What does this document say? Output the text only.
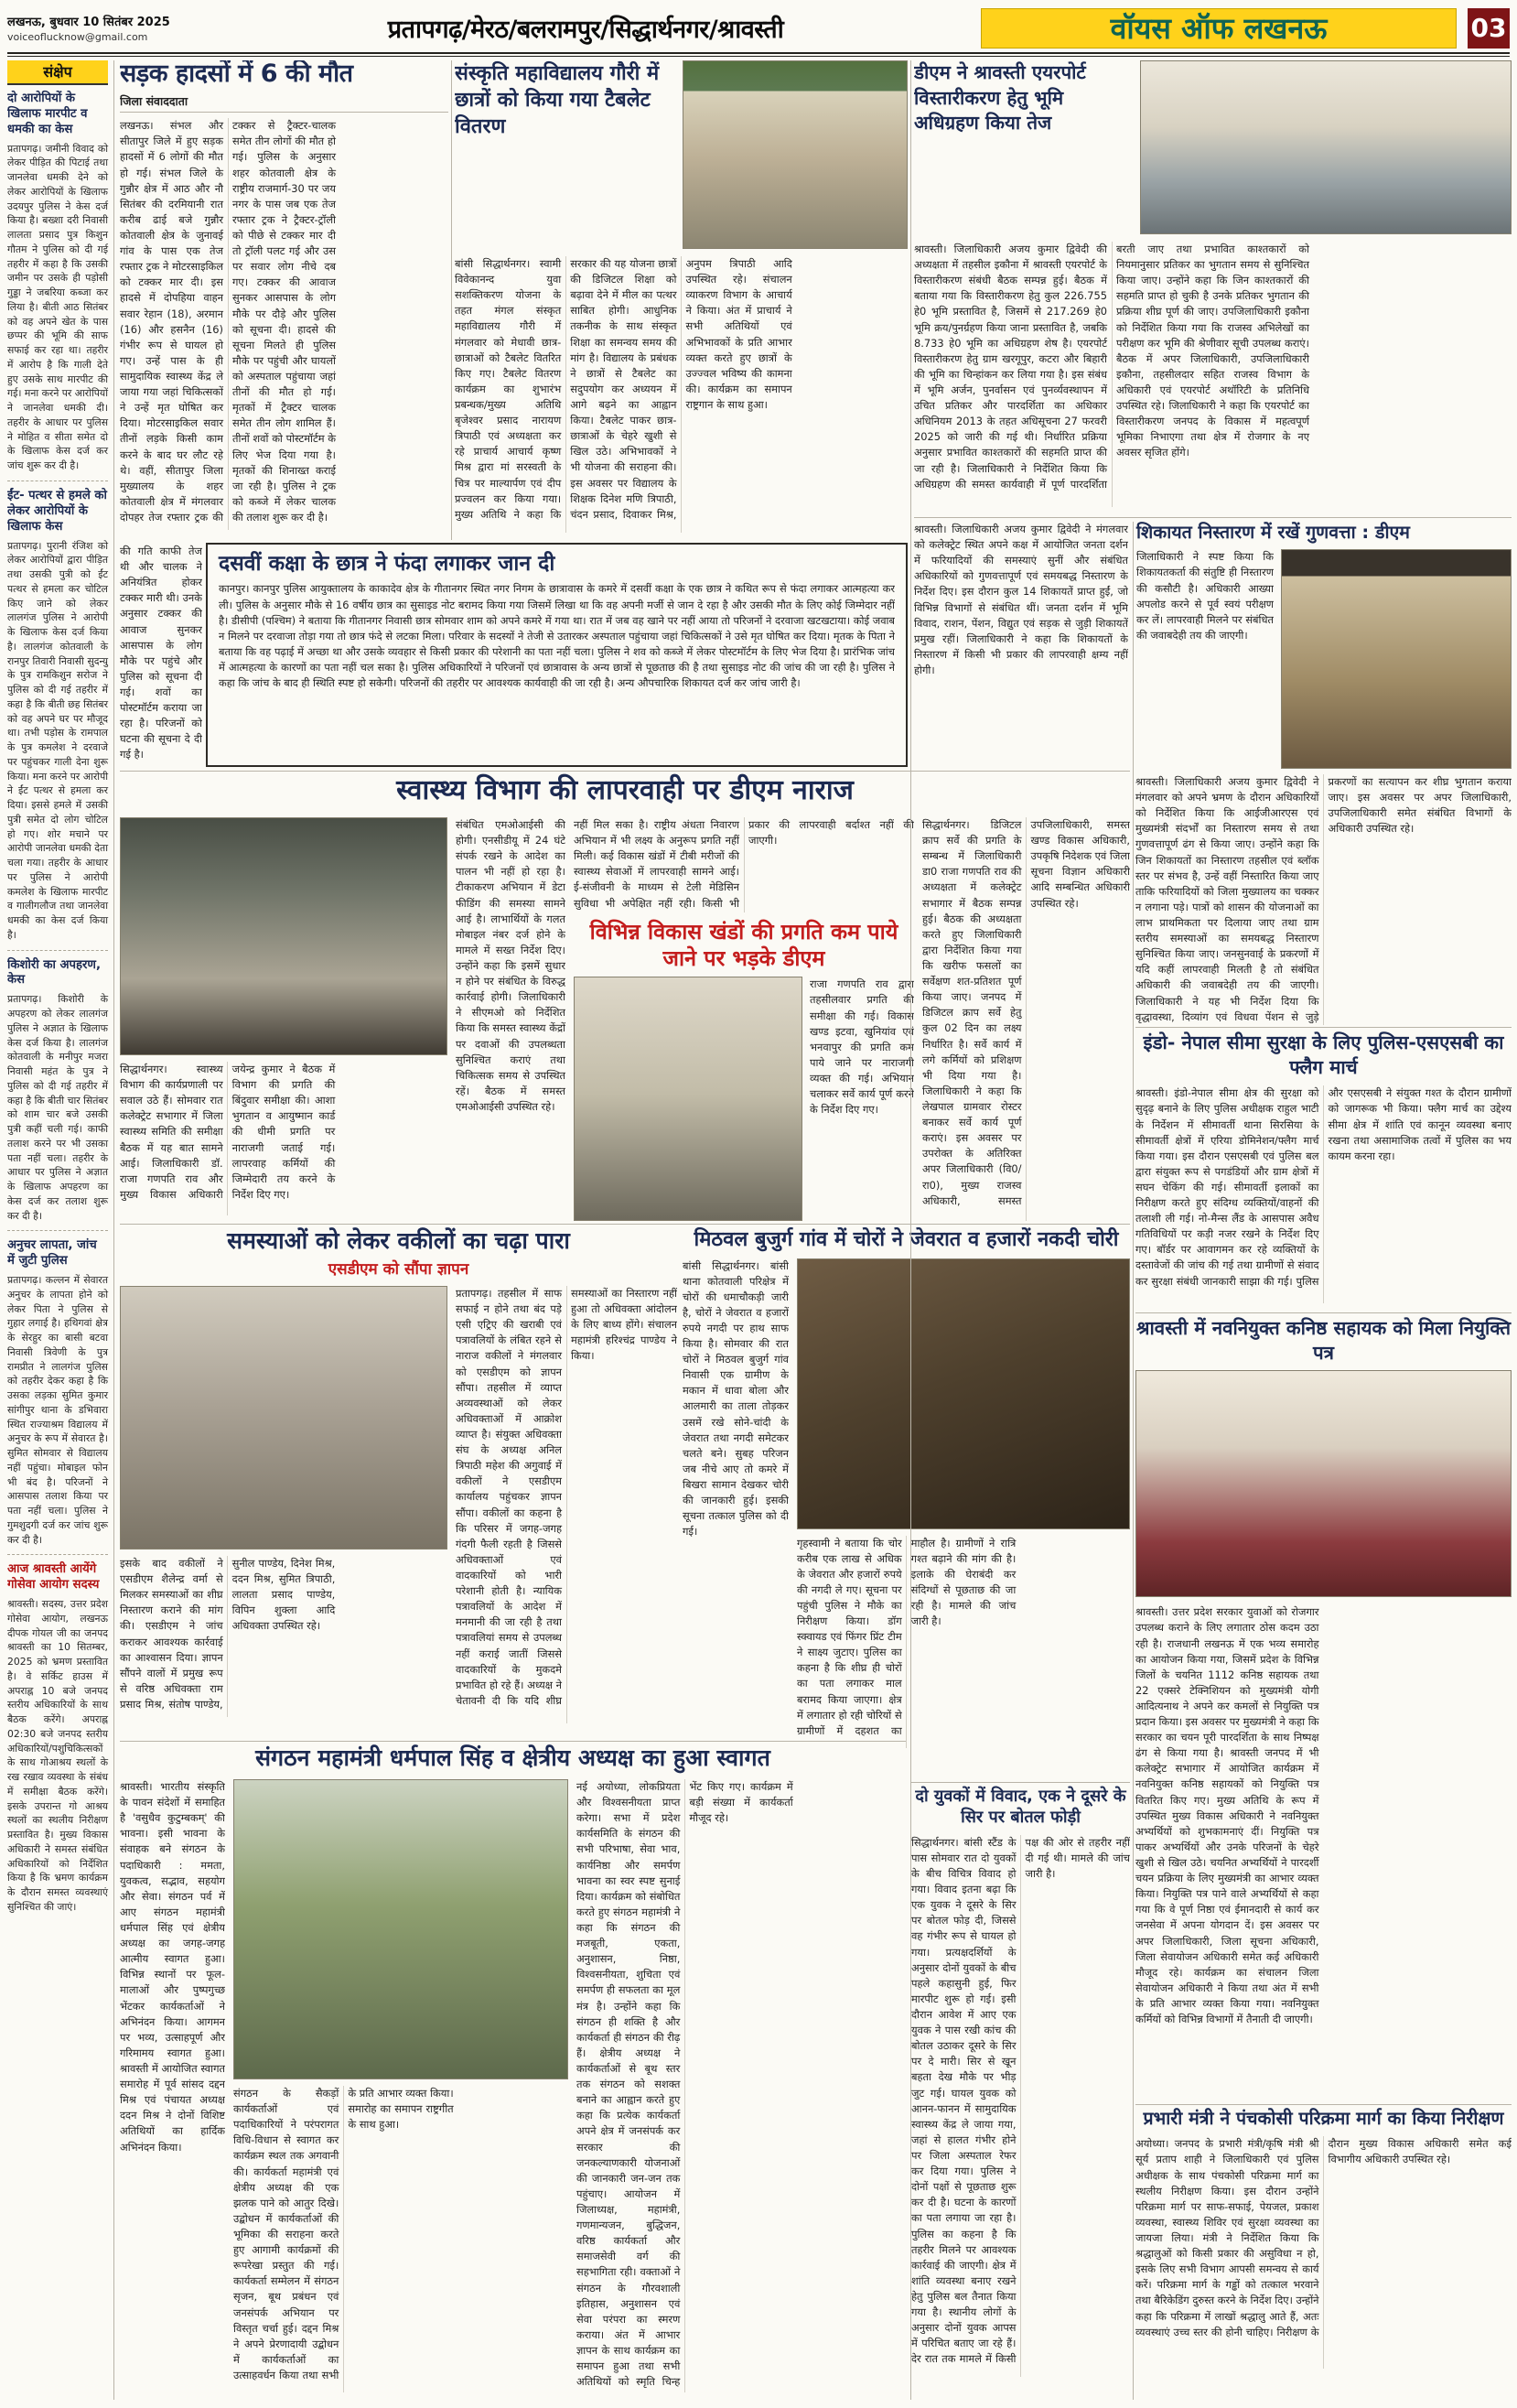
लखनऊ, बुधवार 10 सितंबर 2025
voiceoflucknow@gmail.com	प्रतापगढ़/मेरठ/बलरामपुर/सिद्धार्थनगर/श्रावस्ती	वॉयस ऑफ लखनऊ	03
संक्षेप
दो आरोपियों के खिलाफ मारपीट व धमकी का केस
प्रतापगढ़। जमीनी विवाद को लेकर पीड़ित की पिटाई तथा जानलेवा धमकी देने को लेकर आरोपियों के खिलाफ उदयपुर पुलिस ने केस दर्ज किया है। बख्शा दरी निवासी लालता प्रसाद पुत्र किशुन गौतम ने पुलिस को दी गई तहरीर में कहा है कि उसकी जमीन पर उसके ही पड़ोसी गुड्डा ने जबरिया कब्जा कर लिया है। बीती आठ सितंबर को वह अपने खेत के पास छप्पर की भूमि की साफ सफाई कर रहा था। तहरीर में आरोप है कि गाली देते हुए उसके साथ मारपीट की गई। मना करने पर आरोपियों ने जानलेवा धमकी दी। तहरीर के आधार पर पुलिस ने मोहित व सीता समेत दो के खिलाफ केस दर्ज कर जांच शुरू कर दी है।
ईंट- पत्थर से हमले को लेकर आरोपियों के खिलाफ केस
प्रतापगढ़। पुरानी रंजिश को लेकर आरोपियों द्वारा पीड़ित तथा उसकी पुत्री को ईंट पत्थर से हमला कर चोटिल किए जाने को लेकर लालगंज पुलिस ने आरोपी के खिलाफ केस दर्ज किया है। लालगंज कोतवाली के रानपुर तिवारी निवासी सुदन्यु के पुत्र रामकिशुन सरोज ने पुलिस को दी गई तहरीर में कहा है कि बीती छह सितंबर को वह अपने घर पर मौजूद था। तभी पड़ोस के रामपाल के पुत्र कमलेश ने दरवाजे पर पहुंचकर गाली देना शुरू किया। मना करने पर आरोपी ने ईंट पत्थर से हमला कर दिया। इससे हमले में उसकी पुत्री समेत दो लोग चोटिल हो गए। शोर मचाने पर आरोपी जानलेवा धमकी देता चला गया। तहरीर के आधार पर पुलिस ने आरोपी कमलेश के खिलाफ मारपीट व गालीगलौज तथा जानलेवा धमकी का केस दर्ज किया है।
किशोरी का अपहरण, केस
प्रतापगढ़। किशोरी के अपहरण को लेकर लालगंज पुलिस ने अज्ञात के खिलाफ केस दर्ज किया है। लालगंज कोतवाली के मनीपुर मजरा निवासी महंत के पुत्र ने पुलिस को दी गई तहरीर में कहा है कि बीती चार सितंबर को शाम चार बजे उसकी पुत्री कहीं चली गई। काफी तलाश करने पर भी उसका पता नहीं चला। तहरीर के आधार पर पुलिस ने अज्ञात के खिलाफ अपहरण का केस दर्ज कर तलाश शुरू कर दी है।
अनुचर लापता, जांच में जुटी पुलिस
प्रतापगढ़। कल्लन में सेवारत अनुचर के लापता होने को लेकर पिता ने पुलिस से गुहार लगाई है। हथिगवां क्षेत्र के सेरहुर का बासी बटवा निवासी त्रिवेणी के पुत्र रामप्रीत ने लालगंज पुलिस को तहरीर देकर कहा है कि उसका लड़का सुमित कुमार सांगीपुर थाना के डभिवारा स्थित राज्याश्रम विद्यालय में अनुचर के रूप में सेवारत है। सुमित सोमवार से विद्यालय नहीं पहुंचा। मोबाइल फोन भी बंद है। परिजनों ने आसपास तलाश किया पर पता नहीं चला। पुलिस ने गुमशुदगी दर्ज कर जांच शुरू कर दी है।
आज श्रावस्ती आयेंगे गोसेवा आयोग सदस्य
श्रावस्ती। सदस्य, उत्तर प्रदेश गोसेवा आयोग, लखनऊ दीपक गोयल जी का जनपद श्रावस्ती का 10 सितम्बर, 2025 को भ्रमण प्रस्तावित है। वे सर्किट हाउस में अपराह्न 10 बजे जनपद स्तरीय अधिकारियों के साथ बैठक करेंगे। अपराह्न 02:30 बजे जनपद स्तरीय अधिकारियों/पशुचिकित्सकों के साथ गोआश्रय स्थलों के रख रखाव व्यवस्था के संबंध में समीक्षा बैठक करेंगे। इसके उपरान्त गो आश्रय स्थलों का स्थलीय निरीक्षण प्रस्तावित है। मुख्य विकास अधिकारी ने समस्त संबंधित अधिकारियों को निर्देशित किया है कि भ्रमण कार्यक्रम के दौरान समस्त व्यवस्थाएं सुनिश्चित की जाएं।
सड़क हादसों में 6 की मौत
जिला संवाददाता
लखनऊ। संभल और सीतापुर जिले में हुए सड़क हादसों में 6 लोगों की मौत हो गई। संभल जिले के गुन्नौर क्षेत्र में आठ और नौ सितंबर की दरमियानी रात करीब ढाई बजे गुन्नौर कोतवाली क्षेत्र के जुनावई गांव के पास एक तेज रफ्तार ट्रक ने मोटरसाइकिल को टक्कर मार दी। इस हादसे में दोपहिया वाहन सवार रेहान (18), अरमान (16) और हसनैन (16) गंभीर रूप से घायल हो गए। उन्हें पास के ही सामुदायिक स्वास्थ्य केंद्र ले जाया गया जहां चिकित्सकों ने उन्हें मृत घोषित कर दिया। मोटरसाइकिल सवार तीनों लड़के किसी काम करने के बाद घर लौट रहे थे। वहीं, सीतापुर जिला मुख्यालय के शहर कोतवाली क्षेत्र में मंगलवार दोपहर तेज रफ्तार ट्रक की टक्कर से ट्रैक्टर-चालक समेत तीन लोगों की मौत हो गई। पुलिस के अनुसार शहर कोतवाली क्षेत्र के राष्ट्रीय राजमार्ग-30 पर जय नगर के पास जब एक तेज रफ्तार ट्रक ने ट्रैक्टर-ट्रॉली को पीछे से टक्कर मार दी तो ट्रॉली पलट गई और उस पर सवार लोग नीचे दब गए। टक्कर की आवाज सुनकर आसपास के लोग मौके पर दौड़े और पुलिस को सूचना दी। हादसे की सूचना मिलते ही पुलिस मौके पर पहुंची और घायलों को अस्पताल पहुंचाया जहां तीनों की मौत हो गई। मृतकों में ट्रैक्टर चालक समेत तीन लोग शामिल हैं। तीनों शवों को पोस्टमॉर्टम के लिए भेज दिया गया है। मृतकों की शिनाख्त कराई जा रही है। पुलिस ने ट्रक को कब्जे में लेकर चालक की तलाश शुरू कर दी है।
की गति काफी तेज थी और चालक ने अनियंत्रित होकर टक्कर मारी थी। उनके अनुसार टक्कर की आवाज सुनकर आसपास के लोग मौके पर पहुंचे और पुलिस को सूचना दी गई। शवों का पोस्टमॉर्टम कराया जा रहा है। परिजनों को घटना की सूचना दे दी गई है।
संस्कृति महाविद्यालय गौरी में छात्रों को किया गया टैबलेट वितरण
बांसी सिद्धार्थनगर। स्वामी विवेकानन्द युवा सशक्तिकरण योजना के तहत मंगल संस्कृत महाविद्यालय गौरी में मंगलवार को मेधावी छात्र-छात्राओं को टैबलेट वितरित किए गए। टैबलेट वितरण कार्यक्रम का शुभारंभ प्रबन्धक/मुख्य अतिथि बृजेश्वर प्रसाद नारायण त्रिपाठी एवं अध्यक्षता कर रहे प्राचार्य आचार्य कृष्ण मिश्र द्वारा मां सरस्वती के चित्र पर माल्यार्पण एवं दीप प्रज्वलन कर किया गया। मुख्य अतिथि ने कहा कि सरकार की यह योजना छात्रों की डिजिटल शिक्षा को बढ़ावा देने में मील का पत्थर साबित होगी। आधुनिक तकनीक के साथ संस्कृत शिक्षा का समन्वय समय की मांग है। विद्यालय के प्रबंधक ने छात्रों से टैबलेट का सदुपयोग कर अध्ययन में आगे बढ़ने का आह्वान किया। टैबलेट पाकर छात्र-छात्राओं के चेहरे खुशी से खिल उठे। अभिभावकों ने भी योजना की सराहना की। इस अवसर पर विद्यालय के शिक्षक दिनेश मणि त्रिपाठी, चंदन प्रसाद, दिवाकर मिश्र, अनुपम त्रिपाठी आदि उपस्थित रहे। संचालन व्याकरण विभाग के आचार्य ने किया। अंत में प्राचार्य ने सभी अतिथियों एवं अभिभावकों के प्रति आभार व्यक्त करते हुए छात्रों के उज्ज्वल भविष्य की कामना की। कार्यक्रम का समापन राष्ट्रगान के साथ हुआ।
डीएम ने श्रावस्ती एयरपोर्ट विस्तारीकरण हेतु भूमि अधिग्रहण किया तेज
श्रावस्ती। जिलाधिकारी अजय कुमार द्विवेदी की अध्यक्षता में तहसील इकौना में श्रावस्ती एयरपोर्ट के विस्तारीकरण संबंधी बैठक सम्पन्न हुई। बैठक में बताया गया कि विस्तारीकरण हेतु कुल 226.755 हे0 भूमि प्रस्तावित है, जिसमें से 217.269 हे0 भूमि क्रय/पुनर्ग्रहण किया जाना प्रस्तावित है, जबकि 8.733 हे0 भूमि का अधिग्रहण शेष है। एयरपोर्ट विस्तारीकरण हेतु ग्राम खरगूपुर, कटरा और बिहारी की भूमि का चिन्हांकन कर लिया गया है। इस संबंध में भूमि अर्जन, पुनर्वासन एवं पुनर्व्यवस्थापन में उचित प्रतिकर और पारदर्शिता का अधिकार अधिनियम 2013 के तहत अधिसूचना 27 फरवरी 2025 को जारी की गई थी। निर्धारित प्रक्रिया अनुसार प्रभावित काश्तकारों की सहमति प्राप्त की जा रही है। जिलाधिकारी ने निर्देशित किया कि अधिग्रहण की समस्त कार्यवाही में पूर्ण पारदर्शिता बरती जाए तथा प्रभावित काश्तकारों को नियमानुसार प्रतिकर का भुगतान समय से सुनिश्चित किया जाए। उन्होंने कहा कि जिन काश्तकारों की सहमति प्राप्त हो चुकी है उनके प्रतिकर भुगतान की प्रक्रिया शीघ्र पूर्ण की जाए। उपजिलाधिकारी इकौना को निर्देशित किया गया कि राजस्व अभिलेखों का परीक्षण कर भूमि की श्रेणीवार सूची उपलब्ध कराएं। बैठक में अपर जिलाधिकारी, उपजिलाधिकारी इकौना, तहसीलदार सहित राजस्व विभाग के अधिकारी एवं एयरपोर्ट अथॉरिटी के प्रतिनिधि उपस्थित रहे। जिलाधिकारी ने कहा कि एयरपोर्ट का विस्तारीकरण जनपद के विकास में महत्वपूर्ण भूमिका निभाएगा तथा क्षेत्र में रोजगार के नए अवसर सृजित होंगे।
श्रावस्ती। जिलाधिकारी अजय कुमार द्विवेदी ने मंगलवार को कलेक्ट्रेट स्थित अपने कक्ष में आयोजित जनता दर्शन में फरियादियों की समस्याएं सुनीं और संबंधित अधिकारियों को गुणवत्तापूर्ण एवं समयबद्ध निस्तारण के निर्देश दिए। इस दौरान कुल 14 शिकायतें प्राप्त हुईं, जो विभिन्न विभागों से संबंधित थीं। जनता दर्शन में भूमि विवाद, राशन, पेंशन, विद्युत एवं सड़क से जुड़ी शिकायतें प्रमुख रहीं। जिलाधिकारी ने कहा कि शिकायतों के निस्तारण में किसी भी प्रकार की लापरवाही क्षम्य नहीं होगी।
शिकायत निस्तारण में रखें गुणवत्ता : डीएम
जिलाधिकारी ने स्पष्ट किया कि शिकायतकर्ता की संतुष्टि ही निस्तारण की कसौटी है। अधिकारी आख्या अपलोड करने से पूर्व स्वयं परीक्षण कर लें। लापरवाही मिलने पर संबंधित की जवाबदेही तय की जाएगी।
श्रावस्ती। जिलाधिकारी अजय कुमार द्विवेदी ने मंगलवार को अपने भ्रमण के दौरान अधिकारियों को निर्देशित किया कि आईजीआरएस एवं मुख्यमंत्री संदर्भों का निस्तारण समय से तथा गुणवत्तापूर्ण ढंग से किया जाए। उन्होंने कहा कि जिन शिकायतों का निस्तारण तहसील एवं ब्लॉक स्तर पर संभव है, उन्हें वहीं निस्तारित किया जाए ताकि फरियादियों को जिला मुख्यालय का चक्कर न लगाना पड़े। पात्रों को शासन की योजनाओं का लाभ प्राथमिकता पर दिलाया जाए तथा ग्राम स्तरीय समस्याओं का समयबद्ध निस्तारण सुनिश्चित किया जाए। जनसुनवाई के प्रकरणों में यदि कहीं लापरवाही मिलती है तो संबंधित अधिकारी की जवाबदेही तय की जाएगी। जिलाधिकारी ने यह भी निर्देश दिया कि वृद्धावस्था, दिव्यांग एवं विधवा पेंशन से जुड़े प्रकरणों का सत्यापन कर शीघ्र भुगतान कराया जाए। इस अवसर पर अपर जिलाधिकारी, उपजिलाधिकारी समेत संबंधित विभागों के अधिकारी उपस्थित रहे।
दसवीं कक्षा के छात्र ने फंदा लगाकर जान दी
कानपुर। कानपुर पुलिस आयुक्तालय के काकादेव क्षेत्र के गीतानगर स्थित नगर निगम के छात्रावास के कमरे में दसवीं कक्षा के एक छात्र ने कथित रूप से फंदा लगाकर आत्महत्या कर ली। पुलिस के अनुसार मौके से 16 वर्षीय छात्र का सुसाइड नोट बरामद किया गया जिसमें लिखा था कि वह अपनी मर्जी से जान दे रहा है और उसकी मौत के लिए कोई जिम्मेदार नहीं है। डीसीपी (पश्चिम) ने बताया कि गीतानगर निवासी छात्र सोमवार शाम को अपने कमरे में गया था। रात में जब वह खाने पर नहीं आया तो परिजनों ने दरवाजा खटखटाया। कोई जवाब न मिलने पर दरवाजा तोड़ा गया तो छात्र फंदे से लटका मिला। परिवार के सदस्यों ने तेजी से उतारकर अस्पताल पहुंचाया जहां चिकित्सकों ने उसे मृत घोषित कर दिया। मृतक के पिता ने बताया कि वह पढ़ाई में अच्छा था और उसके व्यवहार से किसी प्रकार की परेशानी का पता नहीं चला। पुलिस ने शव को कब्जे में लेकर पोस्टमॉर्टम के लिए भेज दिया है। प्रारंभिक जांच में आत्महत्या के कारणों का पता नहीं चल सका है। पुलिस अधिकारियों ने परिजनों एवं छात्रावास के अन्य छात्रों से पूछताछ की है तथा सुसाइड नोट की जांच की जा रही है। पुलिस ने कहा कि जांच के बाद ही स्थिति स्पष्ट हो सकेगी। परिजनों की तहरीर पर आवश्यक कार्यवाही की जा रही है। अन्य औपचारिक शिकायत दर्ज कर जांच जारी है।
स्वास्थ्य विभाग की लापरवाही पर डीएम नाराज
सिद्धार्थनगर। स्वास्थ्य विभाग की कार्यप्रणाली पर सवाल उठे हैं। सोमवार रात कलेक्ट्रेट सभागार में जिला स्वास्थ्य समिति की समीक्षा बैठक में यह बात सामने आई। जिलाधिकारी डॉ. राजा गणपति राव और मुख्य विकास अधिकारी जयेन्द्र कुमार ने बैठक में विभाग की प्रगति की बिंदुवार समीक्षा की। आशा भुगतान व आयुष्मान कार्ड की धीमी प्रगति पर नाराजगी जताई गई। लापरवाह कर्मियों की जिम्मेदारी तय करने के निर्देश दिए गए।
संबंधित एमओआईसी की होगी। एनसीडीयू में 24 घंटे संपर्क रखने के आदेश का पालन भी नहीं हो रहा है। टीकाकरण अभियान में डेटा फीडिंग की समस्या सामने आई है। लाभार्थियों के गलत मोबाइल नंबर दर्ज होने के मामले में सख्त निर्देश दिए। उन्होंने कहा कि इसमें सुधार न होने पर संबंधित के विरुद्ध कार्रवाई होगी। जिलाधिकारी ने सीएमओ को निर्देशित किया कि समस्त स्वास्थ्य केंद्रों पर दवाओं की उपलब्धता सुनिश्चित कराएं तथा चिकित्सक समय से उपस्थित रहें। बैठक में समस्त एमओआईसी उपस्थित रहे।
नहीं मिल सका है। राष्ट्रीय अंधता निवारण अभियान में भी लक्ष्य के अनुरूप प्रगति नहीं मिली। कई विकास खंडों में टीबी मरीजों की स्वास्थ्य सेवाओं में लापरवाही सामने आई। ई-संजीवनी के माध्यम से टेली मेडिसिन सुविधा भी अपेक्षित नहीं रही। किसी भी प्रकार की लापरवाही बर्दाश्त नहीं की जाएगी।
विभिन्न विकास खंडों की प्रगति कम पाये जाने पर भड़के डीएम
राजा गणपति राव द्वारा तहसीलवार प्रगति की समीक्षा की गई। विकास खण्ड इटवा, खुनियांव एवं भनवापुर की प्रगति कम पाये जाने पर नाराजगी व्यक्त की गई। अभियान चलाकर सर्वे कार्य पूर्ण करने के निर्देश दिए गए।
सिद्धार्थनगर। डिजिटल क्राप सर्वे की प्रगति के सम्बन्ध में जिलाधिकारी डा0 राजा गणपति राव की अध्यक्षता में कलेक्ट्रेट सभागार में बैठक सम्पन्न हुई। बैठक की अध्यक्षता करते हुए जिलाधिकारी द्वारा निर्देशित किया गया कि खरीफ फसलों का सर्वेक्षण शत-प्रतिशत पूर्ण किया जाए। जनपद में डिजिटल क्राप सर्वे हेतु कुल 02 दिन का लक्ष्य निर्धारित है। सर्वे कार्य में लगे कर्मियों को प्रशिक्षण भी दिया गया है। जिलाधिकारी ने कहा कि लेखपाल ग्रामवार रोस्टर बनाकर सर्वे कार्य पूर्ण कराएं। इस अवसर पर उपरोक्त के अतिरिक्त अपर जिलाधिकारी (वि0/रा0), मुख्य राजस्व अधिकारी, समस्त उपजिलाधिकारी, समस्त खण्ड विकास अधिकारी, उपकृषि निदेशक एवं जिला सूचना विज्ञान अधिकारी आदि सम्बन्धित अधिकारी उपस्थित रहे।
समस्याओं को लेकर वकीलों का चढ़ा पारा
एसडीएम को सौंपा ज्ञापन
इसके बाद वकीलों ने एसडीएम शैलेन्द्र वर्मा से मिलकर समस्याओं का शीघ्र निस्तारण कराने की मांग की। एसडीएम ने जांच कराकर आवश्यक कार्रवाई का आश्वासन दिया। ज्ञापन सौंपने वालों में प्रमुख रूप से वरिष्ठ अधिवक्ता राम प्रसाद मिश्र, संतोष पाण्डेय, सुनील पाण्डेय, दिनेश मिश्र, ददन मिश्र, सुमित त्रिपाठी, लालता प्रसाद पाण्डेय, विपिन शुक्ला आदि अधिवक्ता उपस्थित रहे।
प्रतापगढ़। तहसील में साफ सफाई न होने तथा बंद पड़े एसी एट्रिए की खराबी एवं पत्रावलियों के लंबित रहने से नाराज वकीलों ने मंगलवार को एसडीएम को ज्ञापन सौंपा। तहसील में व्याप्त अव्यवस्थाओं को लेकर अधिवक्ताओं में आक्रोश व्याप्त है। संयुक्त अधिवक्ता संघ के अध्यक्ष अनिल त्रिपाठी महेश की अगुवाई में वकीलों ने एसडीएम कार्यालय पहुंचकर ज्ञापन सौंपा। वकीलों का कहना है कि परिसर में जगह-जगह गंदगी फैली रहती है जिससे अधिवक्ताओं एवं वादकारियों को भारी परेशानी होती है। न्यायिक पत्रावलियों के आदेश में मनमानी की जा रही है तथा पत्रावलियां समय से उपलब्ध नहीं कराई जातीं जिससे वादकारियों के मुकदमे प्रभावित हो रहे हैं। अध्यक्ष ने चेतावनी दी कि यदि शीघ्र समस्याओं का निस्तारण नहीं हुआ तो अधिवक्ता आंदोलन के लिए बाध्य होंगे। संचालन महामंत्री हरिश्चंद्र पाण्डेय ने किया।
मिठवल बुजुर्ग गांव में चोरों ने जेवरात व हजारों नकदी चोरी
बांसी सिद्धार्थनगर। बांसी थाना कोतवाली परिक्षेत्र में चोरों की धमाचौकड़ी जारी है, चोरों ने जेवरात व हजारों रुपये नगदी पर हाथ साफ किया है। सोमवार की रात चोरों ने मिठवल बुजुर्ग गांव निवासी एक ग्रामीण के मकान में धावा बोला और आलमारी का ताला तोड़कर उसमें रखे सोने-चांदी के जेवरात तथा नगदी समेटकर चलते बने। सुबह परिजन जब नीचे आए तो कमरे में बिखरा सामान देखकर चोरी की जानकारी हुई। इसकी सूचना तत्काल पुलिस को दी गई।
गृहस्वामी ने बताया कि चोर करीब एक लाख से अधिक के जेवरात और हजारों रुपये की नगदी ले गए। सूचना पर पहुंची पुलिस ने मौके का निरीक्षण किया। डॉग स्क्वायड एवं फिंगर प्रिंट टीम ने साक्ष्य जुटाए। पुलिस का कहना है कि शीघ्र ही चोरों का पता लगाकर माल बरामद किया जाएगा। क्षेत्र में लगातार हो रही चोरियों से ग्रामीणों में दहशत का माहौल है। ग्रामीणों ने रात्रि गश्त बढ़ाने की मांग की है। इलाके की घेराबंदी कर संदिग्धों से पूछताछ की जा रही है। मामले की जांच जारी है।
इंडो- नेपाल सीमा सुरक्षा के लिए पुलिस-एसएसबी का फ्लैग मार्च
श्रावस्ती। इंडो-नेपाल सीमा क्षेत्र की सुरक्षा को सुदृढ़ बनाने के लिए पुलिस अधीक्षक राहुल भाटी के निर्देशन में सीमावर्ती थाना सिरसिया के सीमावर्ती क्षेत्रों में एरिया डोमिनेशन/फ्लैग मार्च किया गया। इस दौरान एसएसबी एवं पुलिस बल द्वारा संयुक्त रूप से पगडंडियों और ग्राम क्षेत्रों में सघन चेकिंग की गई। सीमावर्ती इलाकों का निरीक्षण करते हुए संदिग्ध व्यक्तियों/वाहनों की तलाशी ली गई। नो-मैन्स लैंड के आसपास अवैध गतिविधियों पर कड़ी नजर रखने के निर्देश दिए गए। बॉर्डर पर आवागमन कर रहे व्यक्तियों के दस्तावेजों की जांच की गई तथा ग्रामीणों से संवाद कर सुरक्षा संबंधी जानकारी साझा की गई। पुलिस और एसएसबी ने संयुक्त गश्त के दौरान ग्रामीणों को जागरूक भी किया। फ्लैग मार्च का उद्देश्य सीमा क्षेत्र में शांति एवं कानून व्यवस्था बनाए रखना तथा असामाजिक तत्वों में पुलिस का भय कायम करना रहा।
श्रावस्ती में नवनियुक्त कनिष्ठ सहायक को मिला नियुक्ति पत्र
श्रावस्ती। उत्तर प्रदेश सरकार युवाओं को रोजगार उपलब्ध कराने के लिए लगातार ठोस कदम उठा रही है। राजधानी लखनऊ में एक भव्य समारोह का आयोजन किया गया, जिसमें प्रदेश के विभिन्न जिलों के चयनित 1112 कनिष्ठ सहायक तथा 22 एक्सरे टेक्निशियन को मुख्यमंत्री योगी आदित्यनाथ ने अपने कर कमलों से नियुक्ति पत्र प्रदान किया। इस अवसर पर मुख्यमंत्री ने कहा कि सरकार का चयन पूरी पारदर्शिता के साथ निष्पक्ष ढंग से किया गया है। श्रावस्ती जनपद में भी कलेक्ट्रेट सभागार में आयोजित कार्यक्रम में नवनियुक्त कनिष्ठ सहायकों को नियुक्ति पत्र वितरित किए गए। मुख्य अतिथि के रूप में उपस्थित मुख्य विकास अधिकारी ने नवनियुक्त अभ्यर्थियों को शुभकामनाएं दीं। नियुक्ति पत्र पाकर अभ्यर्थियों और उनके परिजनों के चेहरे खुशी से खिल उठे। चयनित अभ्यर्थियों ने पारदर्शी चयन प्रक्रिया के लिए मुख्यमंत्री का आभार व्यक्त किया। नियुक्ति पत्र पाने वाले अभ्यर्थियों से कहा गया कि वे पूर्ण निष्ठा एवं ईमानदारी से कार्य कर जनसेवा में अपना योगदान दें। इस अवसर पर अपर जिलाधिकारी, जिला सूचना अधिकारी, जिला सेवायोजन अधिकारी समेत कई अधिकारी मौजूद रहे। कार्यक्रम का संचालन जिला सेवायोजन अधिकारी ने किया तथा अंत में सभी के प्रति आभार व्यक्त किया गया। नवनियुक्त कर्मियों को विभिन्न विभागों में तैनाती दी जाएगी।
संगठन महामंत्री धर्मपाल सिंह व क्षेत्रीय अध्यक्ष का हुआ स्वागत
श्रावस्ती। भारतीय संस्कृति के पावन संदेशों में समाहित है 'वसुधैव कुटुम्बकम्' की भावना। इसी भावना के संवाहक बने संगठन के पदाधिकारी : ममता, युवकत्व, सद्भाव, सहयोग और सेवा। संगठन पर्व में आए संगठन महामंत्री धर्मपाल सिंह एवं क्षेत्रीय अध्यक्ष का जगह-जगह आत्मीय स्वागत हुआ। विभिन्न स्थानों पर फूल-मालाओं और पुष्पगुच्छ भेंटकर कार्यकर्ताओं ने अभिनंदन किया। आगमन पर भव्य, उत्साहपूर्ण और गरिमामय स्वागत हुआ। श्रावस्ती में आयोजित स्वागत समारोह में पूर्व सांसद दद्दन मिश्र एवं पंचायत अध्यक्ष ददन मिश्र ने दोनों विशिष्ट अतिथियों का हार्दिक अभिनंदन किया।
संगठन के सैकड़ों कार्यकर्ताओं एवं पदाधिकारियों ने परंपरागत विधि-विधान से स्वागत कर कार्यक्रम स्थल तक अगवानी की। कार्यकर्ता महामंत्री एवं क्षेत्रीय अध्यक्ष की एक झलक पाने को आतुर दिखे। उद्बोधन में कार्यकर्ताओं की भूमिका की सराहना करते हुए आगामी कार्यक्रमों की रूपरेखा प्रस्तुत की गई। कार्यकर्ता सम्मेलन में संगठन सृजन, बूथ प्रबंधन एवं जनसंपर्क अभियान पर विस्तृत चर्चा हुई। दद्दन मिश्र ने अपने प्रेरणादायी उद्बोधन में कार्यकर्ताओं का उत्साहवर्धन किया तथा सभी के प्रति आभार व्यक्त किया। समारोह का समापन राष्ट्रगीत के साथ हुआ।
नई अयोध्या, लोकप्रियता और विश्वसनीयता प्राप्त करेगा। सभा में प्रदेश कार्यसमिति के संगठन की सभी परिभाषा, सेवा भाव, कार्यनिष्ठा और समर्पण भावना का स्वर स्पष्ट सुनाई दिया। कार्यक्रम को संबोधित करते हुए संगठन महामंत्री ने कहा कि संगठन की मजबूती, एकता, अनुशासन, निष्ठा, विश्वसनीयता, शुचिता एवं समर्पण ही सफलता का मूल मंत्र है। उन्होंने कहा कि संगठन ही शक्ति है और कार्यकर्ता ही संगठन की रीढ़ हैं। क्षेत्रीय अध्यक्ष ने कार्यकर्ताओं से बूथ स्तर तक संगठन को सशक्त बनाने का आह्वान करते हुए कहा कि प्रत्येक कार्यकर्ता अपने क्षेत्र में जनसंपर्क कर सरकार की जनकल्याणकारी योजनाओं की जानकारी जन-जन तक पहुंचाए। आयोजन में जिलाध्यक्ष, महामंत्री, गणमान्यजन, बुद्धिजन, वरिष्ठ कार्यकर्ता और समाजसेवी वर्ग की सहभागिता रही। वक्ताओं ने संगठन के गौरवशाली इतिहास, अनुशासन एवं सेवा परंपरा का स्मरण कराया। अंत में आभार ज्ञापन के साथ कार्यक्रम का समापन हुआ तथा सभी अतिथियों को स्मृति चिन्ह भेंट किए गए। कार्यक्रम में बड़ी संख्या में कार्यकर्ता मौजूद रहे।
दो युवकों में विवाद, एक ने दूसरे के सिर पर बोतल फोड़ी
सिद्धार्थनगर। बांसी स्टैंड के पास सोमवार रात दो युवकों के बीच विचित्र विवाद हो गया। विवाद इतना बढ़ा कि एक युवक ने दूसरे के सिर पर बोतल फोड़ दी, जिससे वह गंभीर रूप से घायल हो गया। प्रत्यक्षदर्शियों के अनुसार दोनों युवकों के बीच पहले कहासुनी हुई, फिर मारपीट शुरू हो गई। इसी दौरान आवेश में आए एक युवक ने पास रखी कांच की बोतल उठाकर दूसरे के सिर पर दे मारी। सिर से खून बहता देख मौके पर भीड़ जुट गई। घायल युवक को आनन-फानन में सामुदायिक स्वास्थ्य केंद्र ले जाया गया, जहां से हालत गंभीर होने पर जिला अस्पताल रेफर कर दिया गया। पुलिस ने दोनों पक्षों से पूछताछ शुरू कर दी है। घटना के कारणों का पता लगाया जा रहा है। पुलिस का कहना है कि तहरीर मिलने पर आवश्यक कार्रवाई की जाएगी। क्षेत्र में शांति व्यवस्था बनाए रखने हेतु पुलिस बल तैनात किया गया है। स्थानीय लोगों के अनुसार दोनों युवक आपस में परिचित बताए जा रहे हैं। देर रात तक मामले में किसी पक्ष की ओर से तहरीर नहीं दी गई थी। मामले की जांच जारी है।
प्रभारी मंत्री ने पंचकोसी परिक्रमा मार्ग का किया निरीक्षण
अयोध्या। जनपद के प्रभारी मंत्री/कृषि मंत्री श्री सूर्य प्रताप शाही ने जिलाधिकारी एवं पुलिस अधीक्षक के साथ पंचकोसी परिक्रमा मार्ग का स्थलीय निरीक्षण किया। इस दौरान उन्होंने परिक्रमा मार्ग पर साफ-सफाई, पेयजल, प्रकाश व्यवस्था, स्वास्थ्य शिविर एवं सुरक्षा व्यवस्था का जायजा लिया। मंत्री ने निर्देशित किया कि श्रद्धालुओं को किसी प्रकार की असुविधा न हो, इसके लिए सभी विभाग आपसी समन्वय से कार्य करें। परिक्रमा मार्ग के गड्ढों को तत्काल भरवाने तथा बैरिकेडिंग दुरुस्त करने के निर्देश दिए। उन्होंने कहा कि परिक्रमा में लाखों श्रद्धालु आते हैं, अतः व्यवस्थाएं उच्च स्तर की होनी चाहिए। निरीक्षण के दौरान मुख्य विकास अधिकारी समेत कई विभागीय अधिकारी उपस्थित रहे।
